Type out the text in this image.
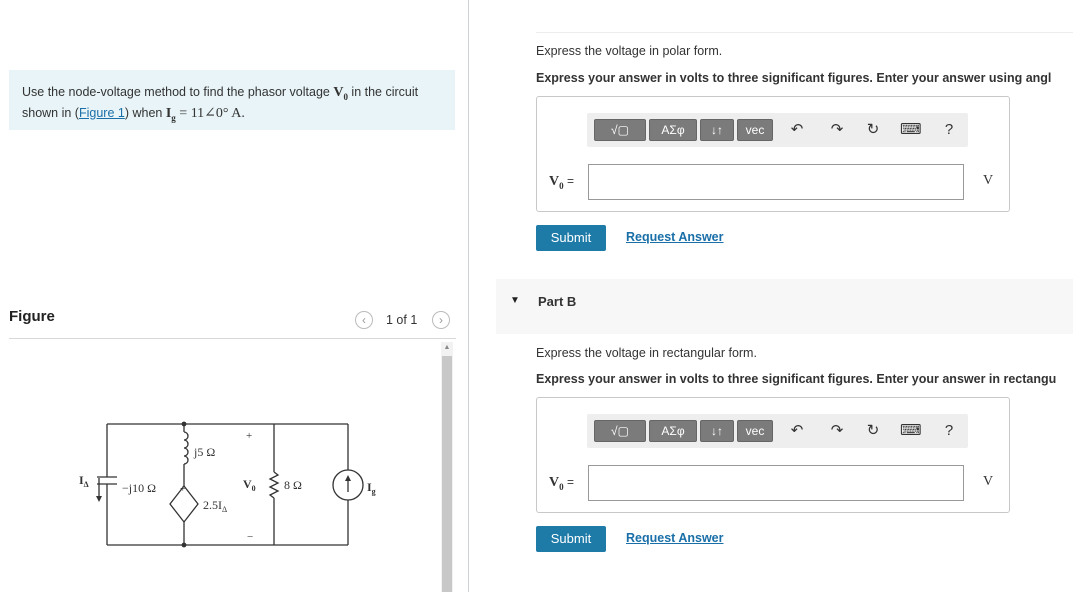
Use the node-voltage method to find the phasor voltage $V_0$ in the circuit shown in (Figure 1) when $I_g$ = 11∠0° A.
Figure	‹	1 of 1	›
$I_\Delta$	−j10 Ω
j5 Ω
+
$2.5I_\Delta$
+
$V_0$ 8 Ω
−
$I_g$
▲
Express the voltage in polar form.
Express your answer in volts to three significant figures. Enter your answer using angl
√▢	ΑΣφ	↓↑	vec	↶ ↷ ↻ ⌨	?
$V_0$ =	V
Submit	Request Answer
▼ Part B
Express the voltage in rectangular form.
Express your answer in volts to three significant figures. Enter your answer in rectangu
√▢	ΑΣφ	↓↑	vec	↶ ↷ ↻ ⌨	?
$V_0$ =	V
Submit	Request Answer
